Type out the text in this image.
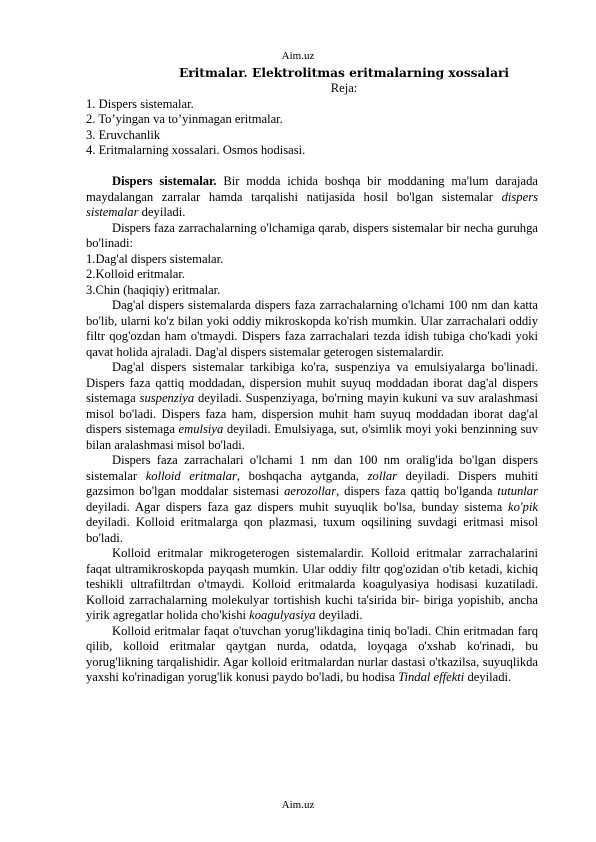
Aim.uz

Eritmalar. Elektrolitmas eritmalarning xossalari

Reja:

1. Dispers sistemalar.

2. To’yingan va to’yinmagan eritmalar.

3. Eruvchanlik

4. Eritmalarning xossalari. Osmos hodisasi.

Dispers sistemalar. Bir modda ichida boshqa bir moddaning ma'lum darajada maydalangan zarralar hamda tarqalishi natijasida hosil bo'lgan sistemalar dispers sistemalar deyiladi.

Dispers faza zarrachalarning o'lchamiga qarab, dispers sistemalar bir necha guruhga bo'linadi:

1.Dag'al dispers sistemalar.

2.Kolloid eritmalar.

3.Chin (haqiqiy) eritmalar.

Dag'al dispers sistemalarda dispers faza zarrachalarning o'lchami 100 nm dan katta bo'lib, ularni ko'z bilan yoki oddiy mikroskopda ko'rish mumkin. Ular zarrachalari oddiy filtr qog'ozdan ham o'tmaydi. Dispers faza zarrachalari tezda idish tubiga cho'kadi yoki qavat holida ajraladi. Dag'al dispers sistemalar geterogen sistemalardir.

Dag'al dispers sistemalar tarkibiga ko'ra, suspenziya va emulsiyalarga bo'linadi. Dispers faza qattiq moddadan, dispersion muhit suyuq moddadan iborat dag'al dispers sistemaga suspenziya deyiladi. Suspenziyaga, bo'rning mayin kukuni va suv aralashmasi misol bo'ladi. Dispers faza ham, dispersion muhit ham suyuq moddadan iborat dag'al dispers sistemaga emulsiya deyiladi. Emulsiyaga, sut, o'simlik moyi yoki benzinning suv bilan aralashmasi misol bo'ladi.

Dispers faza zarrachalari o'lchami 1 nm dan 100 nm oralig'ida bo'lgan dispers sistemalar kolloid eritmalar, boshqacha aytganda, zollar deyiladi. Dispers muhiti gazsimon bo'lgan moddalar sistemasi aerozollar, dispers faza qattiq bo'lganda tutunlar deyiladi. Agar dispers faza gaz dispers muhit suyuqlik bo'lsa, bunday sistema ko'pik deyiladi. Kolloid eritmalarga qon plazmasi, tuxum oqsilining suvdagi eritmasi misol bo'ladi.

Kolloid eritmalar mikrogeterogen sistemalardir. Kolloid eritmalar zarrachalarini faqat ultramikroskopda payqash mumkin. Ular oddiy filtr qog'ozidan o'tib ketadi, kichiq teshikli ultrafiltrdan o'tmaydi. Kolloid eritmalarda koagulyasiya hodisasi kuzatiladi. Kolloid zarrachalarning molekulyar tortishish kuchi ta'sirida bir- biriga yopishib, ancha yirik agregatlar holida cho'kishi koagulyasiya deyiladi.

Kolloid eritmalar faqat o'tuvchan yorug'likdagina tiniq bo'ladi. Chin eritmadan farq qilib, kolloid eritmalar qaytgan nurda, odatda, loyqaga o'xshab ko'rinadi, bu yorug'likning tarqalishidir. Agar kolloid eritmalardan nurlar dastasi o'tkazilsa, suyuqlikda yaxshi ko'rinadigan yorug'lik konusi paydo bo'ladi, bu hodisa Tindal effekti deyiladi.

Aim.uz
